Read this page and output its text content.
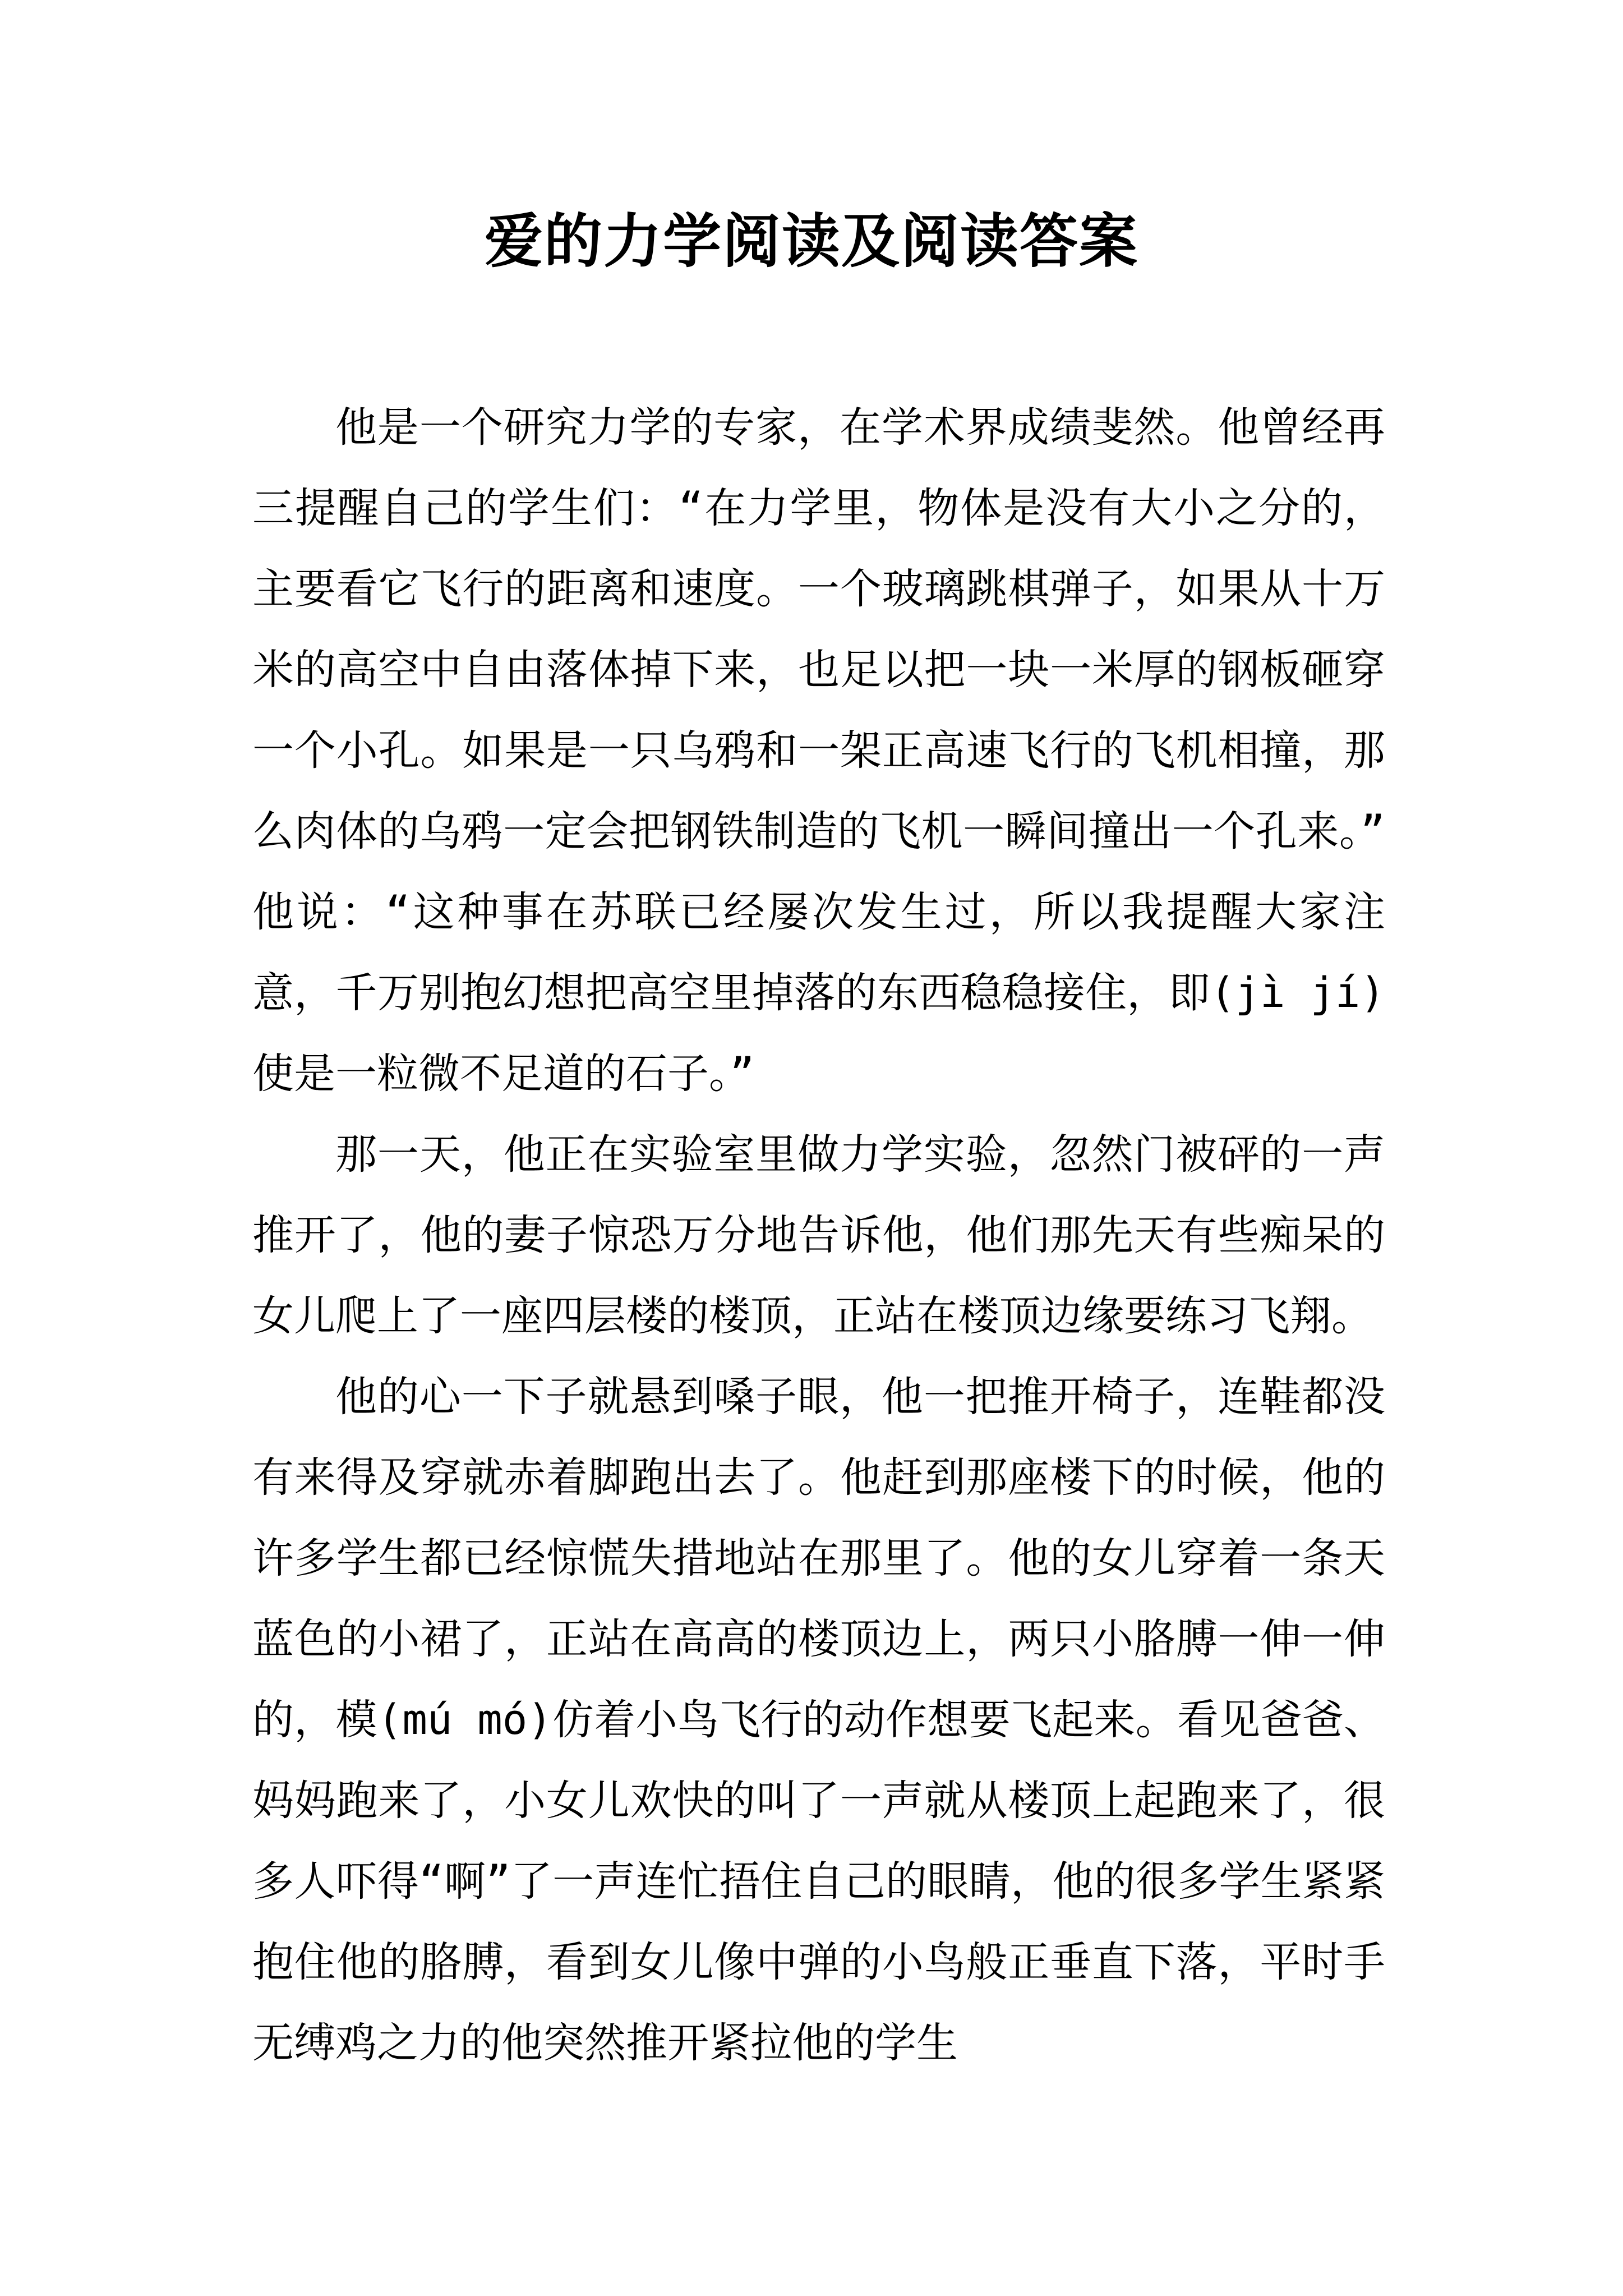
爱的力学阅读及阅读答案

他是一个研究力学的专家，在学术界成绩斐然。他曾经再三提醒自己的学生们：“在力学里，物体是没有大小之分的，主要看它飞行的距离和速度。一个玻璃跳棋弹子，如果从十万米的高空中自由落体掉下来，也足以把一块一米厚的钢板砸穿一个小孔。如果是一只乌鸦和一架正高速飞行的飞机相撞，那么肉体的乌鸦一定会把钢铁制造的飞机一瞬间撞出一个孔来。” 他说：“这种事在苏联已经屡次发生过，所以我提醒大家注意，千万别抱幻想把高空里掉落的东西稳稳接住，即(jì jí)使是一粒微不足道的石子。”

那一天，他正在实验室里做力学实验，忽然门被砰的一声推开了，他的妻子惊恐万分地告诉他，他们那先天有些痴呆的女儿爬上了一座四层楼的楼顶，正站在楼顶边缘要练习飞翔。

他的心一下子就悬到嗓子眼，他一把推开椅子，连鞋都没有来得及穿就赤着脚跑出去了。他赶到那座楼下的时候，他的许多学生都已经惊慌失措地站在那里了。他的女儿穿着一条天蓝色的小裙了，正站在高高的楼顶边上，两只小胳膊一伸一伸的，模(mú mó)仿着小鸟飞行的动作想要飞起来。看见爸爸、妈妈跑来了，小女儿欢快的叫了一声就从楼顶上起跑来了，很多人吓得“啊”了一声连忙捂住自己的眼睛，他的很多学生紧紧抱住他的胳膊，看到女儿像中弹的小鸟般正垂直下落，平时手无缚鸡之力的他突然推开紧拉他的学生
